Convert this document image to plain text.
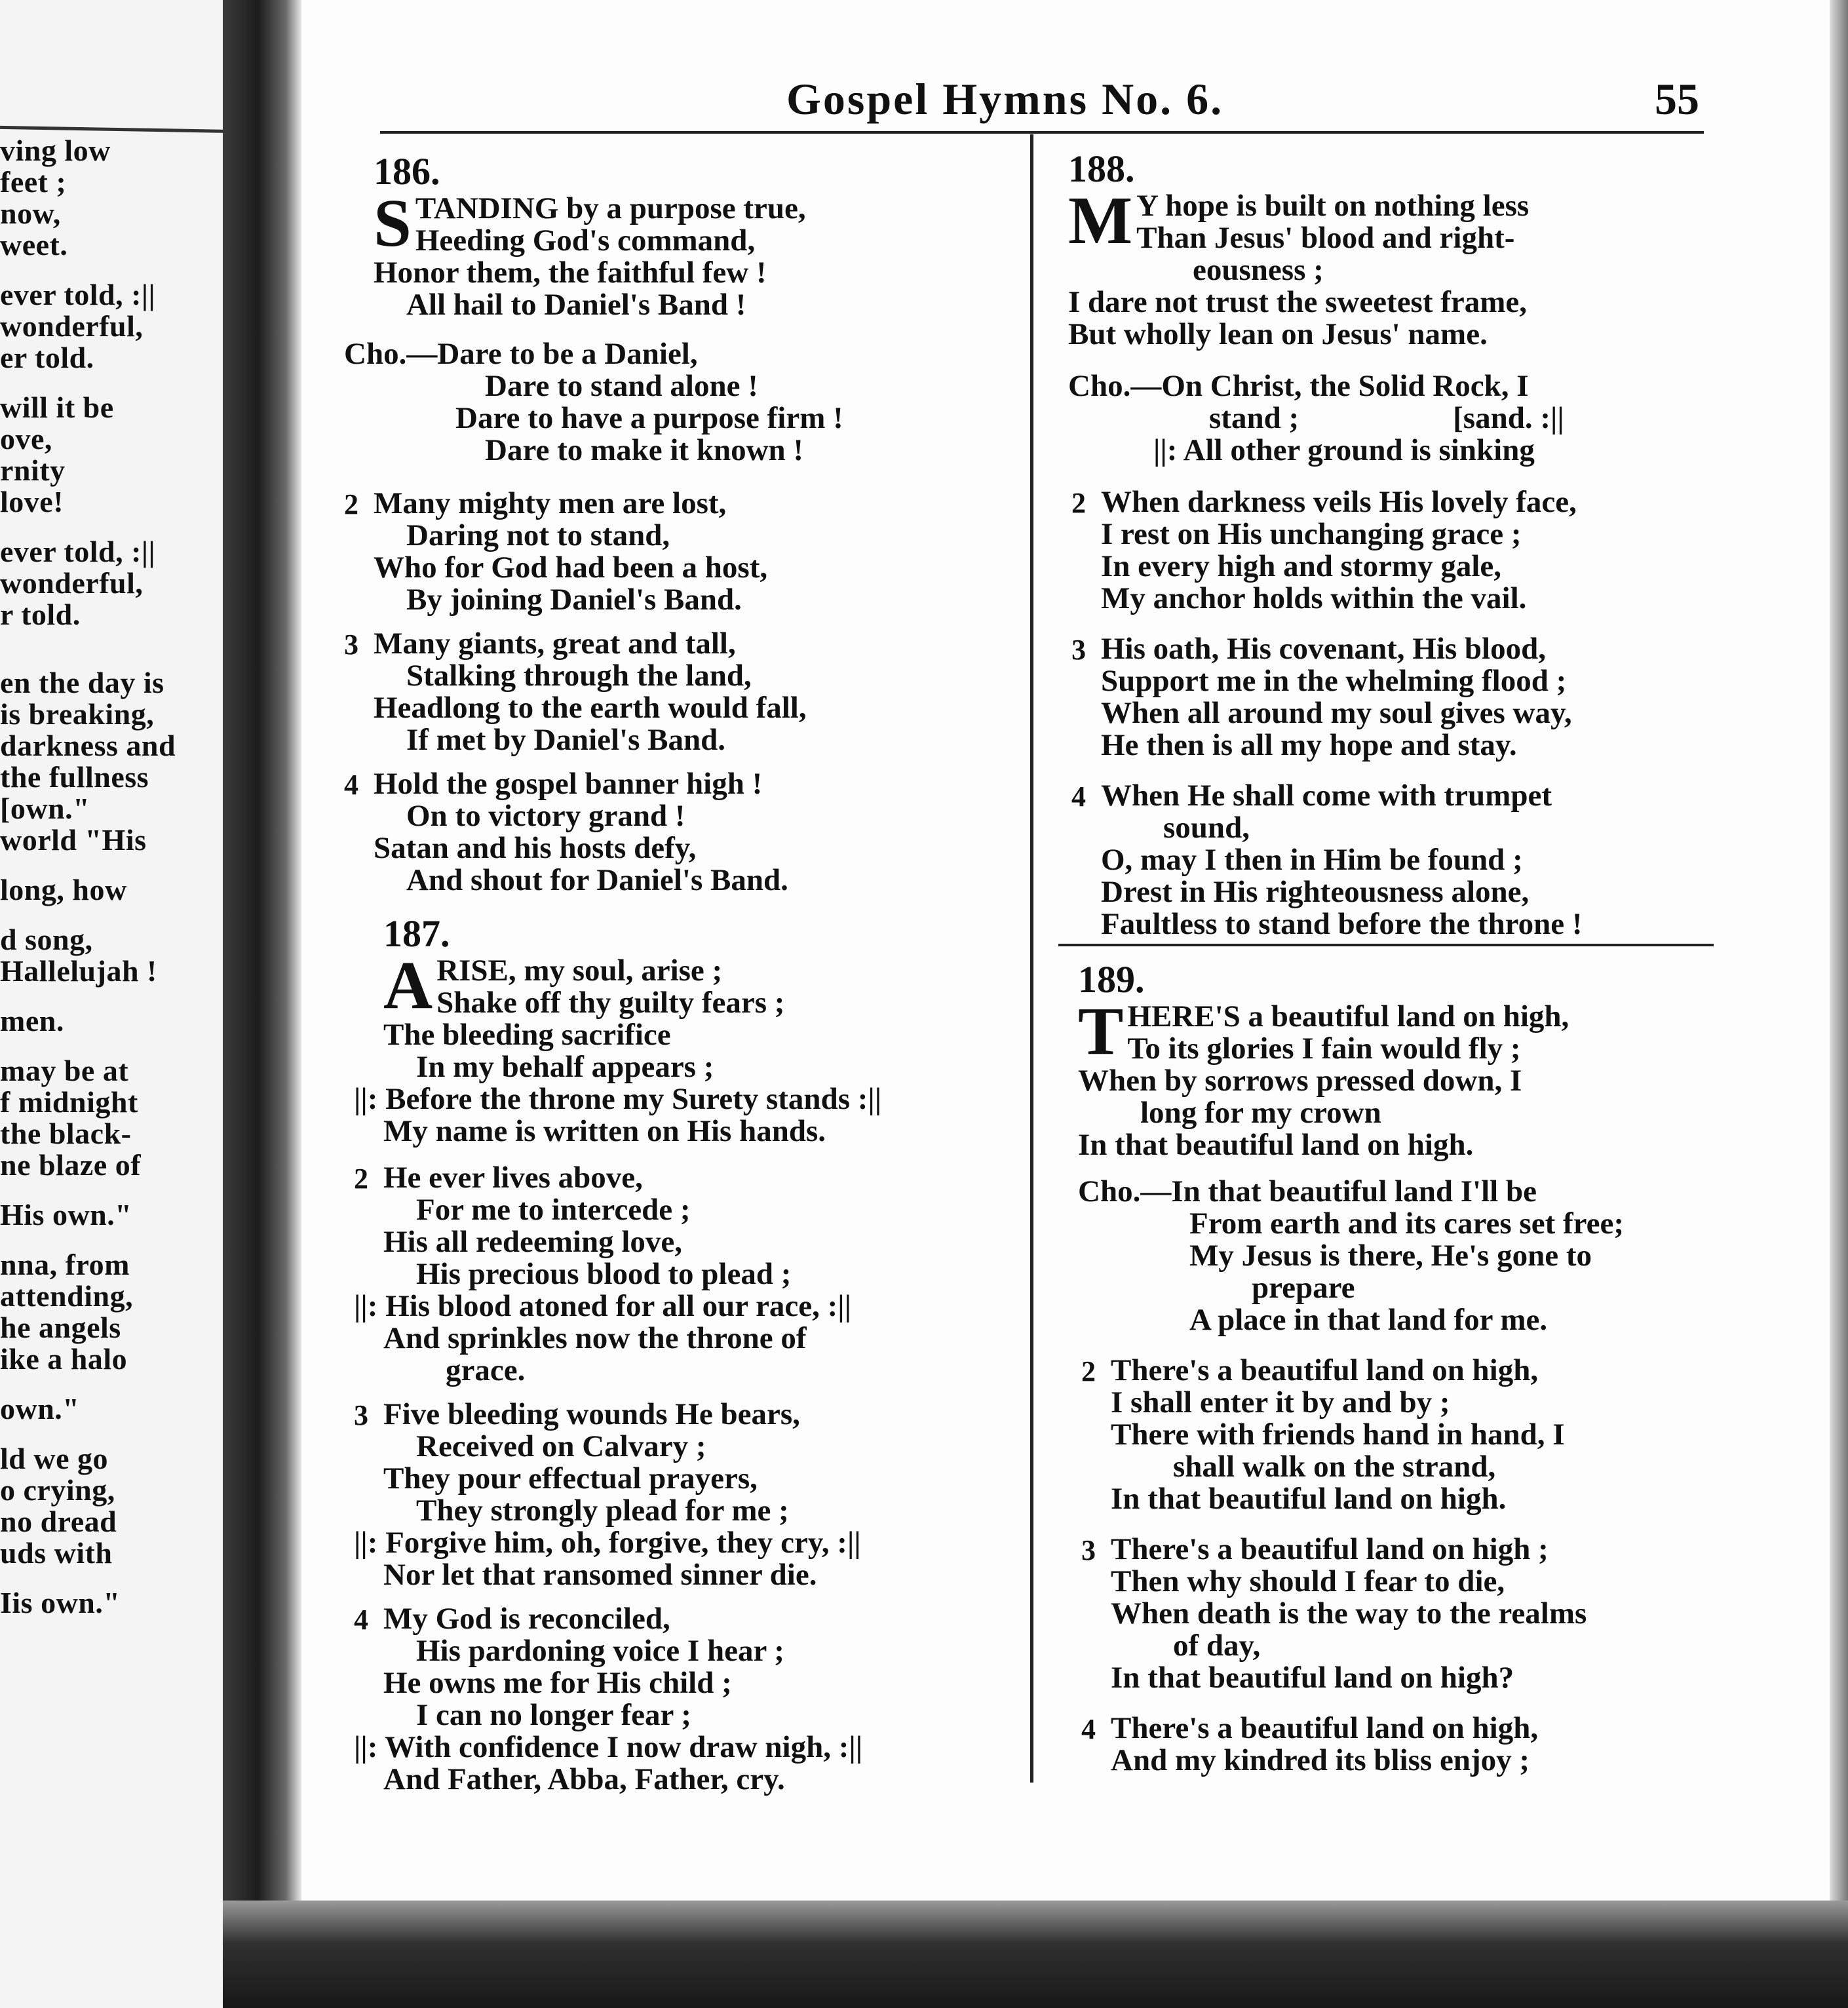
ving low
feet ;
now,
weet.
ever told, :||
wonderful,
er told.
will it be
ove,
rnity
love!
ever told, :||
wonderful,
r told.
en the day is
is breaking,
darkness and
the fullness
[own."
world "His
long, how
d song,
Hallelujah !
men.
may be at
f midnight
the black-
ne blaze of
His own."
nna, from
attending,
he angels
ike a halo
own."
ld we go
o crying,
no dread
uds with
Iis own."
Gospel Hymns No. 6.	55
186.
S TANDING by a purpose true,
Heeding God's command,
Honor them, the faithful few !
All hail to Daniel's Band !
Cho.—Dare to be a Daniel,
Dare to stand alone !
Dare to have a purpose firm !
Dare to make it known !
2 Many mighty men are lost,
Daring not to stand,
Who for God had been a host,
By joining Daniel's Band.
3 Many giants, great and tall,
Stalking through the land,
Headlong to the earth would fall,
If met by Daniel's Band.
4 Hold the gospel banner high !
On to victory grand !
Satan and his hosts defy,
And shout for Daniel's Band.
187.
A RISE, my soul, arise ;
Shake off thy guilty fears ;
The bleeding sacrifice
In my behalf appears ;
||: Before the throne my Surety stands :||
My name is written on His hands.
2 He ever lives above,
For me to intercede ;
His all redeeming love,
His precious blood to plead ;
||: His blood atoned for all our race, :||
And sprinkles now the throne of
grace.
3 Five bleeding wounds He bears,
Received on Calvary ;
They pour effectual prayers,
They strongly plead for me ;
||: Forgive him, oh, forgive, they cry, :||
Nor let that ransomed sinner die.
4 My God is reconciled,
His pardoning voice I hear ;
He owns me for His child ;
I can no longer fear ;
||: With confidence I now draw nigh, :||
And Father, Abba, Father, cry.
188.
M Y hope is built on nothing less
Than Jesus' blood and right-
eousness ;
I dare not trust the sweetest frame,
But wholly lean on Jesus' name.
Cho.—On Christ, the Solid Rock, I
stand ;                    [sand. :||
||: All other ground is sinking
2 When darkness veils His lovely face,
I rest on His unchanging grace ;
In every high and stormy gale,
My anchor holds within the vail.
3 His oath, His covenant, His blood,
Support me in the whelming flood ;
When all around my soul gives way,
He then is all my hope and stay.
4 When He shall come with trumpet
sound,
O, may I then in Him be found ;
Drest in His righteousness alone,
Faultless to stand before the throne !
189.
T HERE'S a beautiful land on high,
To its glories I fain would fly ;
When by sorrows pressed down, I
long for my crown
In that beautiful land on high.
Cho.—In that beautiful land I'll be
From earth and its cares set free;
My Jesus is there, He's gone to
prepare
A place in that land for me.
2 There's a beautiful land on high,
I shall enter it by and by ;
There with friends hand in hand, I
shall walk on the strand,
In that beautiful land on high.
3 There's a beautiful land on high ;
Then why should I fear to die,
When death is the way to the realms
of day,
In that beautiful land on high?
4 There's a beautiful land on high,
And my kindred its bliss enjoy ;
